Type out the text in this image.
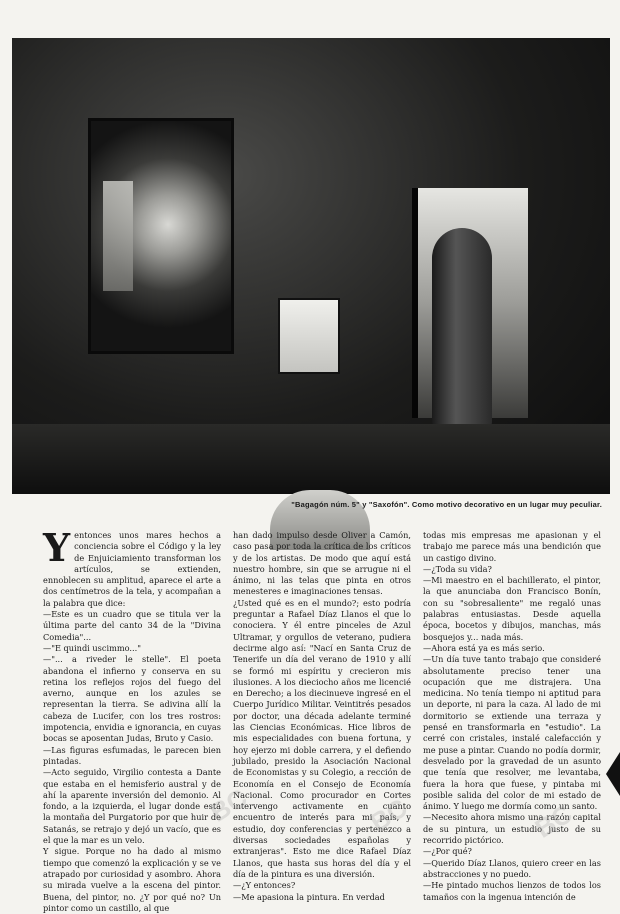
"Bagagón núm. 5" y "Saxofón". Como motivo decorativo en un lugar muy peculiar.
Y entonces unos mares hechos a conciencia sobre el Código y la ley de Enjuiciamiento transforman los artículos, se extienden, ennoblecen su amplitud, aparece el arte a dos centímetros de la tela, y acompañan a la palabra que dice:

—Este es un cuadro que se titula ver la última parte del canto 34 de la "Divina Comedia"...

—"E quindi uscimmo..."

—"... a riveder le stelle". El poeta abandona el infierno y conserva en su retina los reflejos rojos del fuego del averno, aunque en los azules se representan la tierra. Se adivina allí la cabeza de Lucifer, con los tres rostros: impotencia, envidia e ignorancia, en cuyas bocas se aposentan Judas, Bruto y Casio.

—Las figuras esfumadas, le parecen bien pintadas.

—Acto seguido, Virgilio contesta a Dante que estaba en el hemisferio austral y de ahí la aparente inversión del demonio. Al fondo, a la izquierda, el lugar donde está la montaña del Purgatorio por que huir de Satanás, se retrajo y dejó un vacío, que es el que la mar es un velo.

Y sigue. Porque no ha dado al mismo tiempo que comenzó la explicación y se ve atrapado por curiosidad y asombro. Ahora su mirada vuelve a la escena del pintor. Buena, del pintor, no. ¿Y por qué no? Un pintor como un castillo, al que

han dado impulso desde Oliver a Camón, caso pasa por toda la crítica de los críticos y de los artistas. De modo que aquí está nuestro hombre, sin que se arrugue ni el ánimo, ni las telas que pinta en otros menesteres e imaginaciones tensas.

¿Usted qué es en el mundo?; esto podría preguntar a Rafael Díaz Llanos el que lo conociera. Y él entre pinceles de Azul Ultramar, y orgullos de veterano, pudiera decirme algo así: "Nací en Santa Cruz de Tenerife un día del verano de 1910 y allí se formó mi espíritu y crecieron mis ilusiones. A los dieciocho años me licencié en Derecho; a los diecinueve ingresé en el Cuerpo Jurídico Militar. Veintitrés pesados por doctor, una década adelante terminé las Ciencias Económicas. Hice libros de mis especialidades con buena fortuna, y hoy ejerzo mi doble carrera, y el defiendo jubilado, presido la Asociación Nacional de Economistas y su Colegio, a rección de Economía en el Consejo de Economía Nacional. Como procurador en Cortes intervengo activamente en cuanto encuentro de interés para mi país, y estudio, doy conferencias y pertenezco a diversas sociedades españolas y extranjeras". Esto me dice Rafael Díaz Llanos, que hasta sus horas del día y el día de la pintura es una diversión.

—¿Y entonces?

—Me apasiona la pintura. En verdad

todas mis empresas me apasionan y el trabajo me parece más una bendición que un castigo divino.

—¿Toda su vida?

—Mi maestro en el bachillerato, el pintor, la que anunciaba don Francisco Bonín, con su "sobresaliente" me regaló unas palabras entusiastas. Desde aquella época, bocetos y dibujos, manchas, más bosquejos y... nada más.

—Ahora está ya es más serio.

—Un día tuve tanto trabajo que consideré absolutamente preciso tener una ocupación que me distrajera. Una medicina. No tenía tiempo ni aptitud para un deporte, ni para la caza. Al lado de mi dormitorio se extiende una terraza y pensé en transformarla en "estudio". La cerré con cristales, instalé calefacción y me puse a pintar. Cuando no podía dormir, desvelado por la gravedad de un asunto que tenía que resolver, me levantaba, fuera la hora que fuese, y pintaba mi posible salida del color de mi estado de ánimo. Y luego me dormía como un santo.

—Necesito ahora mismo una razón capital de su pintura, un estudio justo de su recorrido pictórico.

—¿Por qué?

—Querido Díaz Llanos, quiero creer en las abstracciones y no puedo.

—He pintado muchos lienzos de todos los tamaños con la ingenua intención de

BC	BC	BC
